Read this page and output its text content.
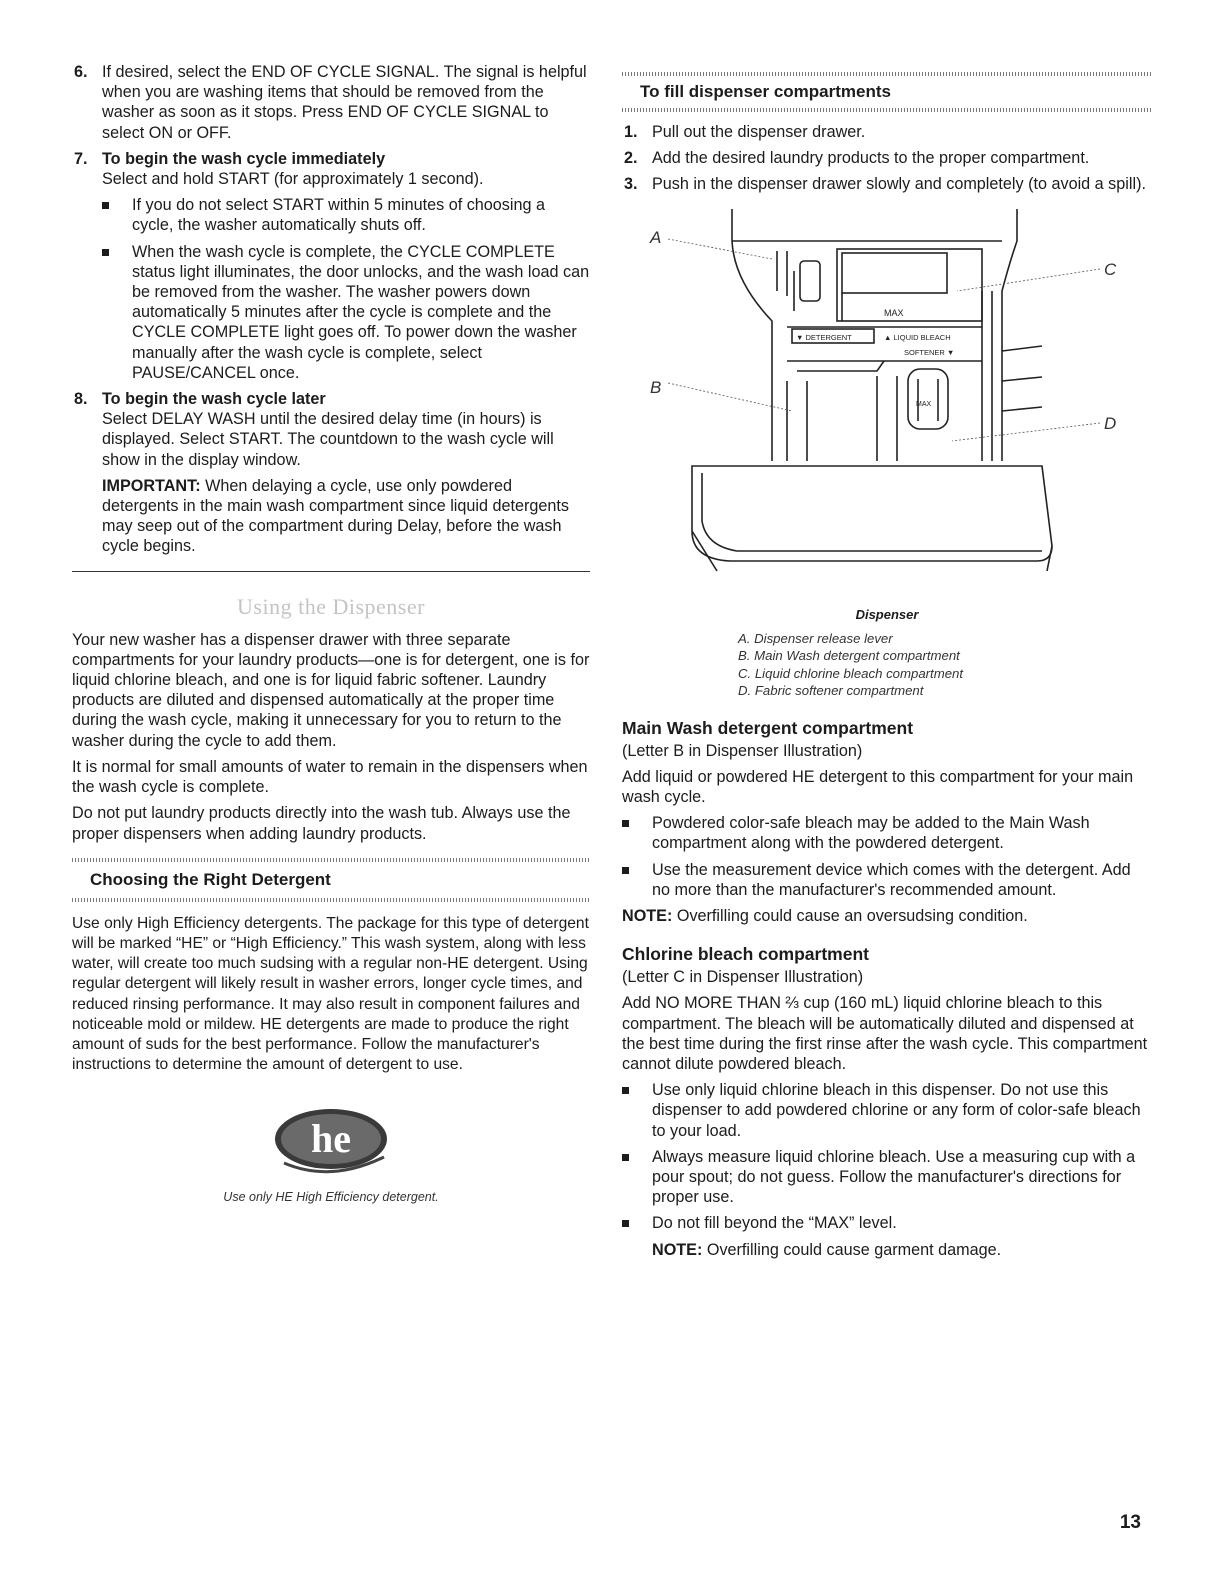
6. If desired, select the END OF CYCLE SIGNAL. The signal is helpful when you are washing items that should be removed from the washer as soon as it stops. Press END OF CYCLE SIGNAL to select ON or OFF.

7. To begin the wash cycle immediately

Select and hold START (for approximately 1 second).

If you do not select START within 5 minutes of choosing a cycle, the washer automatically shuts off.

When the wash cycle is complete, the CYCLE COMPLETE status light illuminates, the door unlocks, and the wash load can be removed from the washer. The washer powers down automatically 5 minutes after the cycle is complete and the CYCLE COMPLETE light goes off. To power down the washer manually after the wash cycle is complete, select PAUSE/CANCEL once.

8. To begin the wash cycle later

Select DELAY WASH until the desired delay time (in hours) is displayed. Select START. The countdown to the wash cycle will show in the display window.

IMPORTANT: When delaying a cycle, use only powdered detergents in the main wash compartment since liquid detergents may seep out of the compartment during Delay, before the wash cycle begins.

Using the Dispenser

Your new washer has a dispenser drawer with three separate compartments for your laundry products—one is for detergent, one is for liquid chlorine bleach, and one is for liquid fabric softener. Laundry products are diluted and dispensed automatically at the proper time during the wash cycle, making it unnecessary for you to return to the washer during the cycle to add them.

It is normal for small amounts of water to remain in the dispensers when the wash cycle is complete.

Do not put laundry products directly into the wash tub. Always use the proper dispensers when adding laundry products.

Choosing the Right Detergent

Use only High Efficiency detergents. The package for this type of detergent will be marked “HE” or “High Efficiency.” This wash system, along with less water, will create too much sudsing with a regular non-HE detergent. Using regular detergent will likely result in washer errors, longer cycle times, and reduced rinsing performance. It may also result in component failures and noticeable mold or mildew. HE detergents are made to produce the right amount of suds for the best performance. Follow the manufacturer's instructions to determine the amount of detergent to use.

he
Use only HE High Efficiency detergent.
To fill dispenser compartments
1. Pull out the dispenser drawer.

2. Add the desired laundry products to the proper compartment.

3. Push in the dispenser drawer slowly and completely (to avoid a spill).

▼ DETERGENT	▲ LIQUID BLEACH
SOFTENER ▼
MAX
MAX
A
B
C
D
Dispenser
A. Dispenser release lever
B. Main Wash detergent compartment
C. Liquid chlorine bleach compartment
D. Fabric softener compartment
Main Wash detergent compartment

(Letter B in Dispenser Illustration)

Add liquid or powdered HE detergent to this compartment for your main wash cycle.

Powdered color-safe bleach may be added to the Main Wash compartment along with the powdered detergent.

Use the measurement device which comes with the detergent. Add no more than the manufacturer's recommended amount.

NOTE: Overfilling could cause an oversudsing condition.

Chlorine bleach compartment

(Letter C in Dispenser Illustration)

Add NO MORE THAN ⅔ cup (160 mL) liquid chlorine bleach to this compartment. The bleach will be automatically diluted and dispensed at the best time during the first rinse after the wash cycle. This compartment cannot dilute powdered bleach.

Use only liquid chlorine bleach in this dispenser. Do not use this dispenser to add powdered chlorine or any form of color-safe bleach to your load.

Always measure liquid chlorine bleach. Use a measuring cup with a pour spout; do not guess. Follow the manufacturer's directions for proper use.

Do not fill beyond the “MAX” level.

NOTE: Overfilling could cause garment damage.

13
